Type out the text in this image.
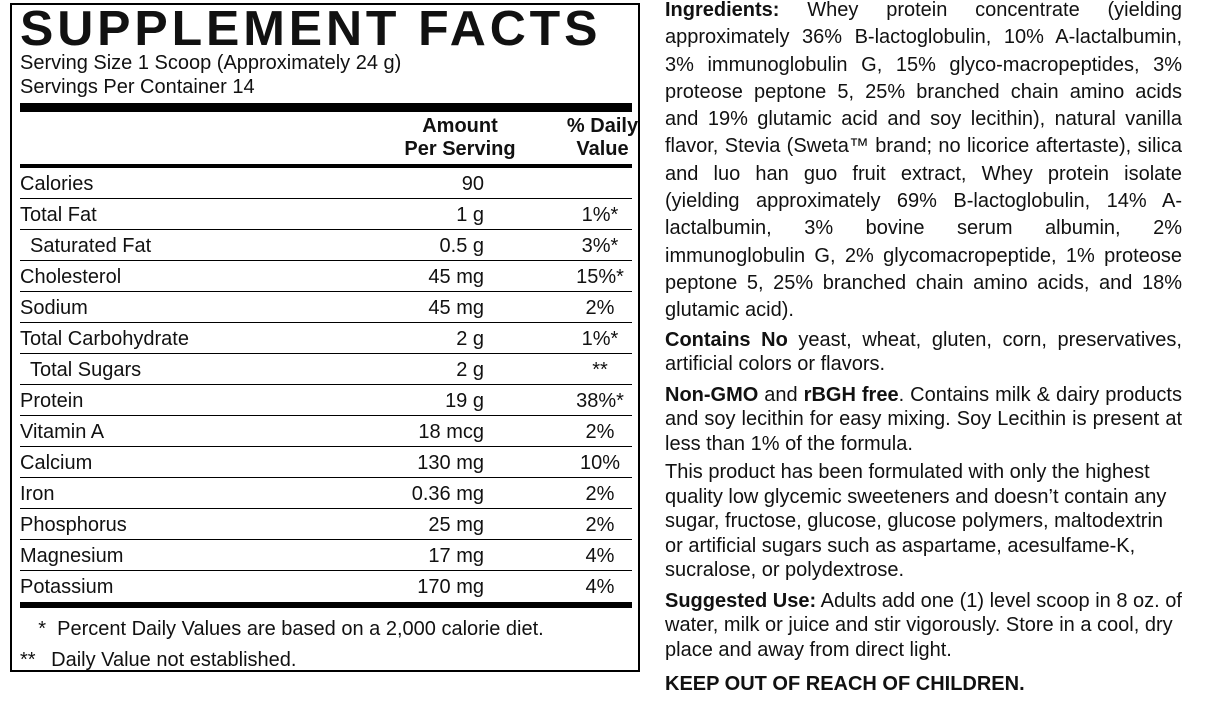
SUPPLEMENT FACTS
Serving Size 1 Scoop (Approximately 24 g)
Servings Per Container 14
Amount
Per Serving
% Daily
Value
Calories	90
Total Fat	1 g	1%*
Saturated Fat	0.5 g	3%*
Cholesterol	45 mg	15%*
Sodium	45 mg	2%
Total Carbohydrate	2 g	1%*
Total Sugars	2 g	**
Protein	19 g	38%*
Vitamin A	18 mcg	2%
Calcium	130 mg	10%
Iron	0.36 mg	2%
Phosphorus	25 mg	2%
Magnesium	17 mg	4%
Potassium	170 mg	4%
* Percent Daily Values are based on a 2,000 calorie diet.
** Daily Value not established.

Ingredients: Whey protein concentrate (yielding approximately 36% B-lactoglobulin, 10% A-lactalbumin, 3% immunoglobulin G, 15% glyco-macropeptides, 3% proteose peptone 5, 25% branched chain amino acids and 19% glutamic acid and soy lecithin), natural vanilla flavor, Stevia (Sweta™ brand; no licorice aftertaste), silica and luo han guo fruit extract, Whey protein isolate (yielding approximately 69% B-lactoglobulin, 14% A-lactalbumin, 3% bovine serum albumin, 2% immunoglobulin G, 2% glycomacropeptide, 1% proteose peptone 5, 25% branched chain amino acids, and 18% glutamic acid).

Contains No yeast, wheat, gluten, corn, preservatives, artificial colors or flavors.

Non-GMO and rBGH free. Contains milk & dairy products and soy lecithin for easy mixing. Soy Lecithin is present at less than 1% of the formula.

This product has been formulated with only the highest quality low glycemic sweeteners and doesn’t contain any sugar, fructose, glucose, glucose polymers, maltodextrin or artificial sugars such as aspartame, acesulfame-K, sucralose, or polydextrose.

Suggested Use: Adults add one (1) level scoop in 8 oz. of water, milk or juice and stir vigorously. Store in a cool, dry place and away from direct light.

KEEP OUT OF REACH OF CHILDREN.
